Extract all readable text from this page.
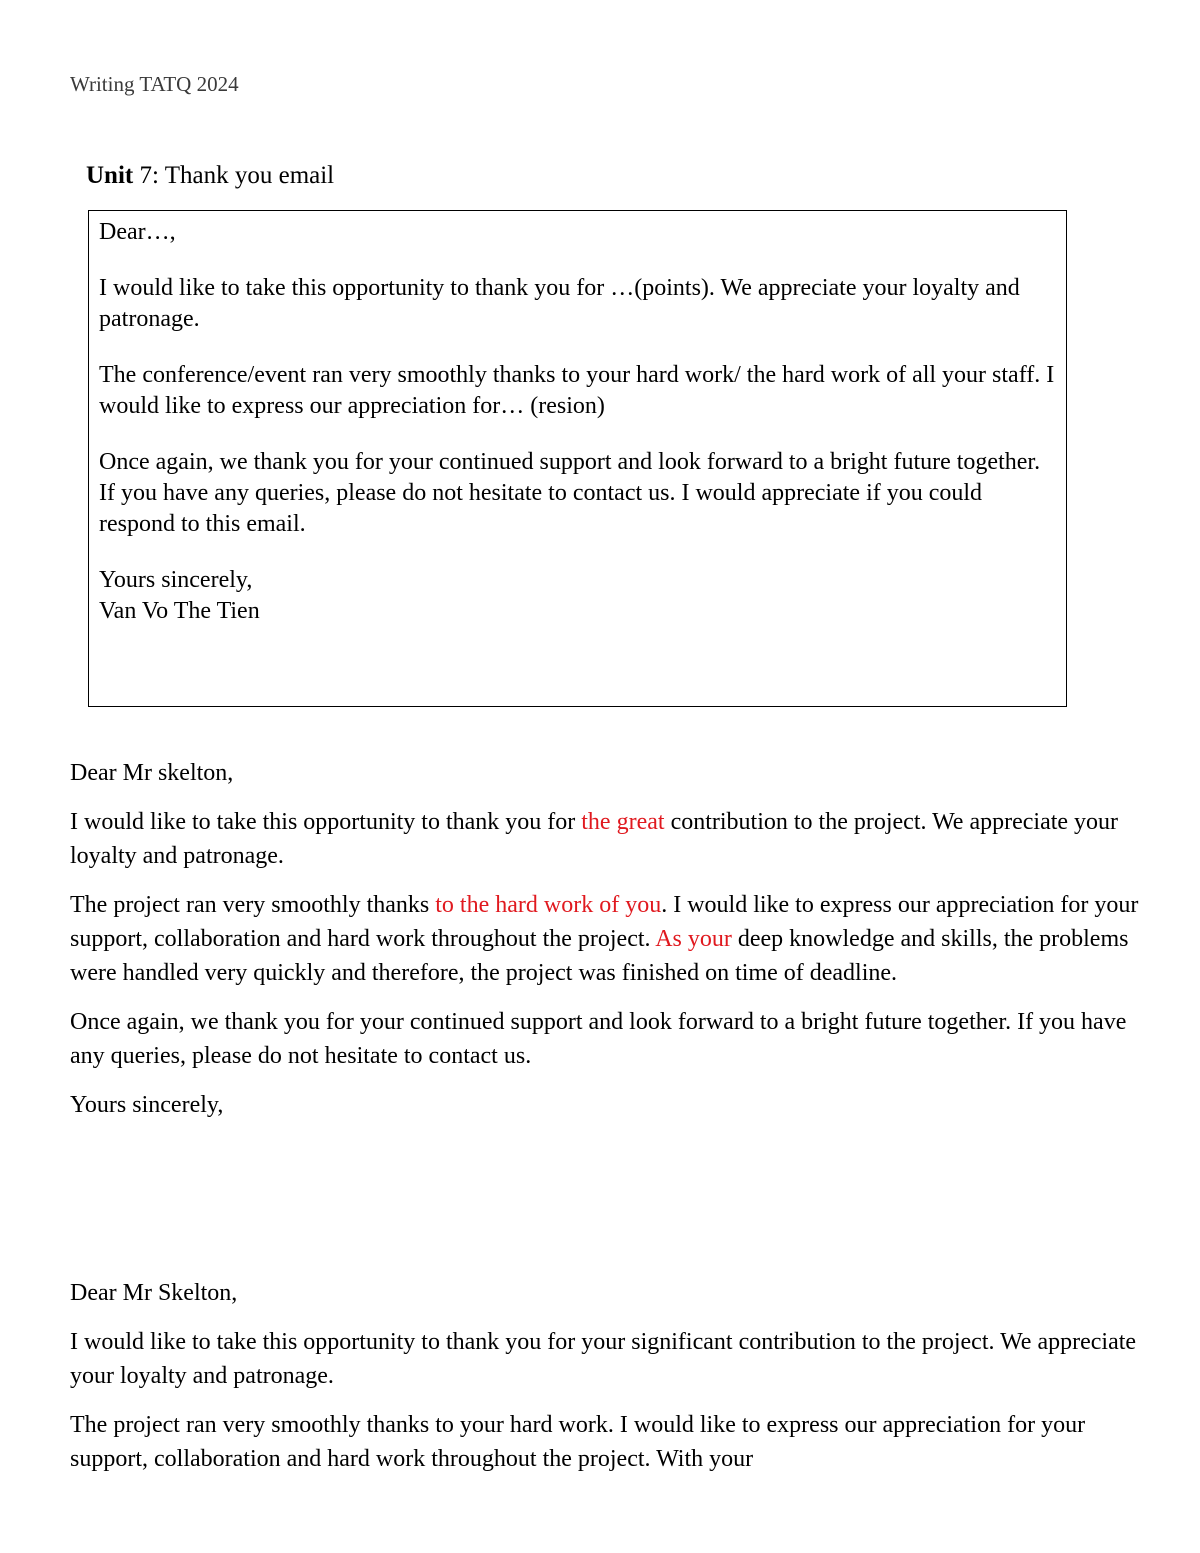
Writing TATQ 2024
Unit 7: Thank you email

Dear…,

I would like to take this opportunity to thank you for …(points). We appreciate your loyalty and patronage.

The conference/event ran very smoothly thanks to your hard work/ the hard work of all your staff. I would like to express our appreciation for… (resion)

Once again, we thank you for your continued support and look forward to a bright future together.

If you have any queries, please do not hesitate to contact us. I would appreciate if you could respond to this email.

Yours sincerely,

Van Vo The Tien

Dear Mr skelton,

I would like to take this opportunity to thank you for the great contribution to the project. We appreciate your loyalty and patronage.

The project ran very smoothly thanks to the hard work of you. I would like to express our appreciation for your support, collaboration and hard work throughout the project. As your deep knowledge and skills, the problems were handled very quickly and therefore, the project was finished on time of deadline.

Once again, we thank you for your continued support and look forward to a bright future together. If you have any queries, please do not hesitate to contact us.

Yours sincerely,

Dear Mr Skelton,

I would like to take this opportunity to thank you for your significant contribution to the project. We appreciate your loyalty and patronage.

The project ran very smoothly thanks to your hard work. I would like to express our appreciation for your support, collaboration and hard work throughout the project. With your
